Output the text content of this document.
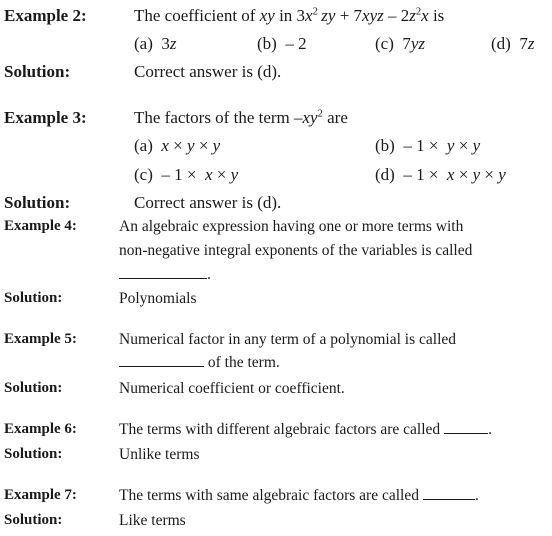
Example 2:	The coefficient of xy in $3x^2$  zy + $7xyz - 2z^2x$ is
(a) 3z	(b) – 2	(c) 7yz	(d) 7z
Solution:	Correct answer is (d).
Example 3:	The factors of the term $-xy^2$ are
(a) x × y × y	(b)  – 1 ×  y × y
(c)  – 1 ×  x × y	(d)  – 1 ×  x × y × y
Solution:	Correct answer is (d).
Example 4:	An algebraic expression having one or more terms with
non-negative integral exponents of the variables is called
.
Solution:	Polynomials
Example 5:	Numerical factor in any term of a polynomial is called
of the term.
Solution:	Numerical coefficient or coefficient.
Example 6:	The terms with different algebraic factors are called	.
Solution:	Unlike terms
Example 7:	The terms with same algebraic factors are called	.
Solution:	Like terms
